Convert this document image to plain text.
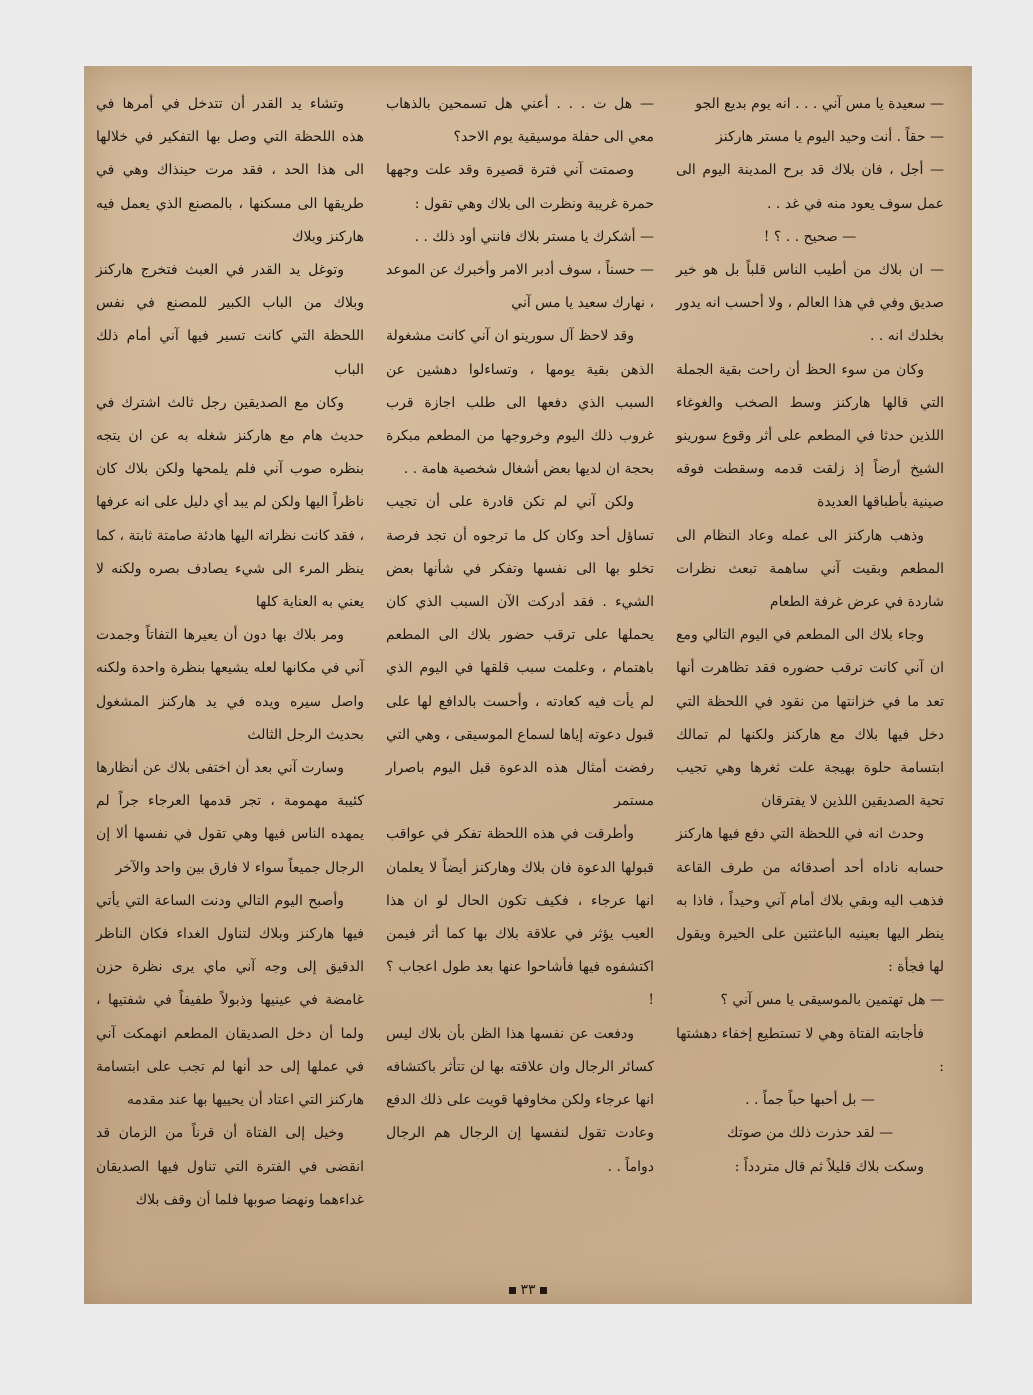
— سعيدة يا مس آني . . . انه يوم بديع الجو

— حقاً . أنت وحيد اليوم يا مستر هاركنز

— أجل ، فان بلاك قد برح المدينة اليوم الى عمل سوف يعود منه في غد . .

— صحيح . . ؟ !

— ان بلاك من أطيب الناس قلباً بل هو خير صديق وفي في هذا العالم ، ولا أحسب انه يدور بخلدك انه . .

وكان من سوء الحظ أن راحت بقية الجملة التي قالها هاركنز وسط الصخب والغوغاء اللذين حدثا في المطعم على أثر وقوع سورينو الشيخ أرضاً إذ زلقت قدمه وسقطت فوقه صينية بأطباقها العديدة

وذهب هاركنز الى عمله وعاد النظام الى المطعم وبقيت آني ساهمة تبعث نظرات شاردة في عرض غرفة الطعام

وجاء بلاك الى المطعم في اليوم التالي ومع ان آني كانت ترقب حضوره فقد تظاهرت أنها تعد ما في خزانتها من نقود في اللحظة التي دخل فيها بلاك مع هاركنز ولكنها لم تمالك ابتسامة حلوة بهيجة علت ثغرها وهي تجيب تحية الصديقين اللذين لا يفترقان

وحدث انه في اللحظة التي دفع فيها هاركنز حسابه ناداه أحد أصدقائه من طرف القاعة فذهب اليه وبقي بلاك أمام آني وحيداً ، فاذا به ينظر اليها بعينيه الباعثتين على الحيرة ويقول لها فجأة :

— هل تهتمين بالموسيقى يا مس آني ؟

فأجابته الفتاة وهي لا تستطيع إخفاء دهشتها :

— بل أحبها حباً جماً . .

— لقد حذرت ذلك من صوتك

وسكت بلاك قليلاً ثم قال متردداً :

— هل ت . . . أعني هل تسمحين بالذهاب معي الى حفلة موسيقية يوم الاحد؟

وصمتت آني فترة قصيرة وقد علت وجهها حمرة غريبة ونظرت الى بلاك وهي تقول :

— أشكرك يا مستر بلاك فانني أود ذلك . .

— حسناً ، سوف أدبر الامر وأخبرك عن الموعد ، نهارك سعيد يا مس آني

وقد لاحظ آل سورينو ان آني كانت مشغولة الذهن بقية يومها ، وتساءلوا دهشين عن السبب الذي دفعها الى طلب اجازة قرب غروب ذلك اليوم وخروجها من المطعم مبكرة بحجة ان لديها بعض أشغال شخصية هامة . .

ولكن آني لم تكن قادرة على أن تجيب تساؤل أحد وكان كل ما ترجوه أن تجد فرصة تخلو بها الى نفسها وتفكر في شأنها بعض الشيء . فقد أدركت الآن السبب الذي كان يحملها على ترقب حضور بلاك الى المطعم باهتمام ، وعلمت سبب قلقها في اليوم الذي لم يأت فيه كعادته ، وأحست بالدافع لها على قبول دعوته إياها لسماع الموسيقى ، وهي التي رفضت أمثال هذه الدعوة قبل اليوم باصرار مستمر

وأطرقت في هذه اللحظة تفكر في عواقب قبولها الدعوة فان بلاك وهاركنز أيضاً لا يعلمان انها عرجاء ، فكيف تكون الحال لو ان هذا العيب يؤثر في علاقة بلاك بها كما أثر فيمن اكتشفوه فيها فأشاحوا عنها بعد طول اعجاب ؟ !

ودفعت عن نفسها هذا الظن بأن بلاك ليس كسائر الرجال وان علاقته بها لن تتأثر باكتشافه انها عرجاء ولكن مخاوفها قويت على ذلك الدفع وعادت تقول لنفسها إن الرجال هم الرجال دواماً . .

وتشاء يد القدر أن تتدخل في أمرها في هذه اللحظة التي وصل بها التفكير في خلالها الى هذا الحد ، فقد مرت حينذاك وهي في طريقها الى مسكنها ، بالمصنع الذي يعمل فيه هاركنز وبلاك

وتوغل يد القدر في العبث فتخرج هاركنز وبلاك من الباب الكبير للمصنع في نفس اللحظة التي كانت تسير فيها آني أمام ذلك الباب

وكان مع الصديقين رجل ثالث اشترك في حديث هام مع هاركنز شغله به عن ان يتجه بنظره صوب آني فلم يلمحها ولكن بلاك كان ناظراً اليها ولكن لم يبد أي دليل على انه عرفها ، فقد كانت نظراته اليها هادئة صامتة ثابتة ، كما ينظر المرء الى شيء يصادف بصره ولكنه لا يعني به العناية كلها

ومر بلاك بها دون أن يعيرها التفاتاً وجمدت آني في مكانها لعله يشيعها بنظرة واحدة ولكنه واصل سيره ويده في يد هاركنز المشغول بحديث الرجل الثالث

وسارت آني بعد أن اختفى بلاك عن أنظارها كئيبة مهمومة ، تجر قدمها العرجاء جراً لم يمهده الناس فيها وهي تقول في نفسها ألا إن الرجال جميعاً سواء لا فارق بين واحد والآخر

وأصبح اليوم التالي ودنت الساعة التي يأتي فيها هاركنز وبلاك لتناول الغداء فكان الناظر الدقيق إلى وجه آني ماي يرى نظرة حزن غامضة في عينيها وذبولاً طفيفاً في شفتيها ، ولما أن دخل الصديقان المطعم انهمكت آني في عملها إلى حد أنها لم تجب على ابتسامة هاركنز التي اعتاد أن يحييها بها عند مقدمه

وخيل إلى الفتاة أن قرناً من الزمان قد انقضى في الفترة التي تناول فيها الصديقان غداءهما ونهضا صوبها فلما أن وقف بلاك

٣٣
